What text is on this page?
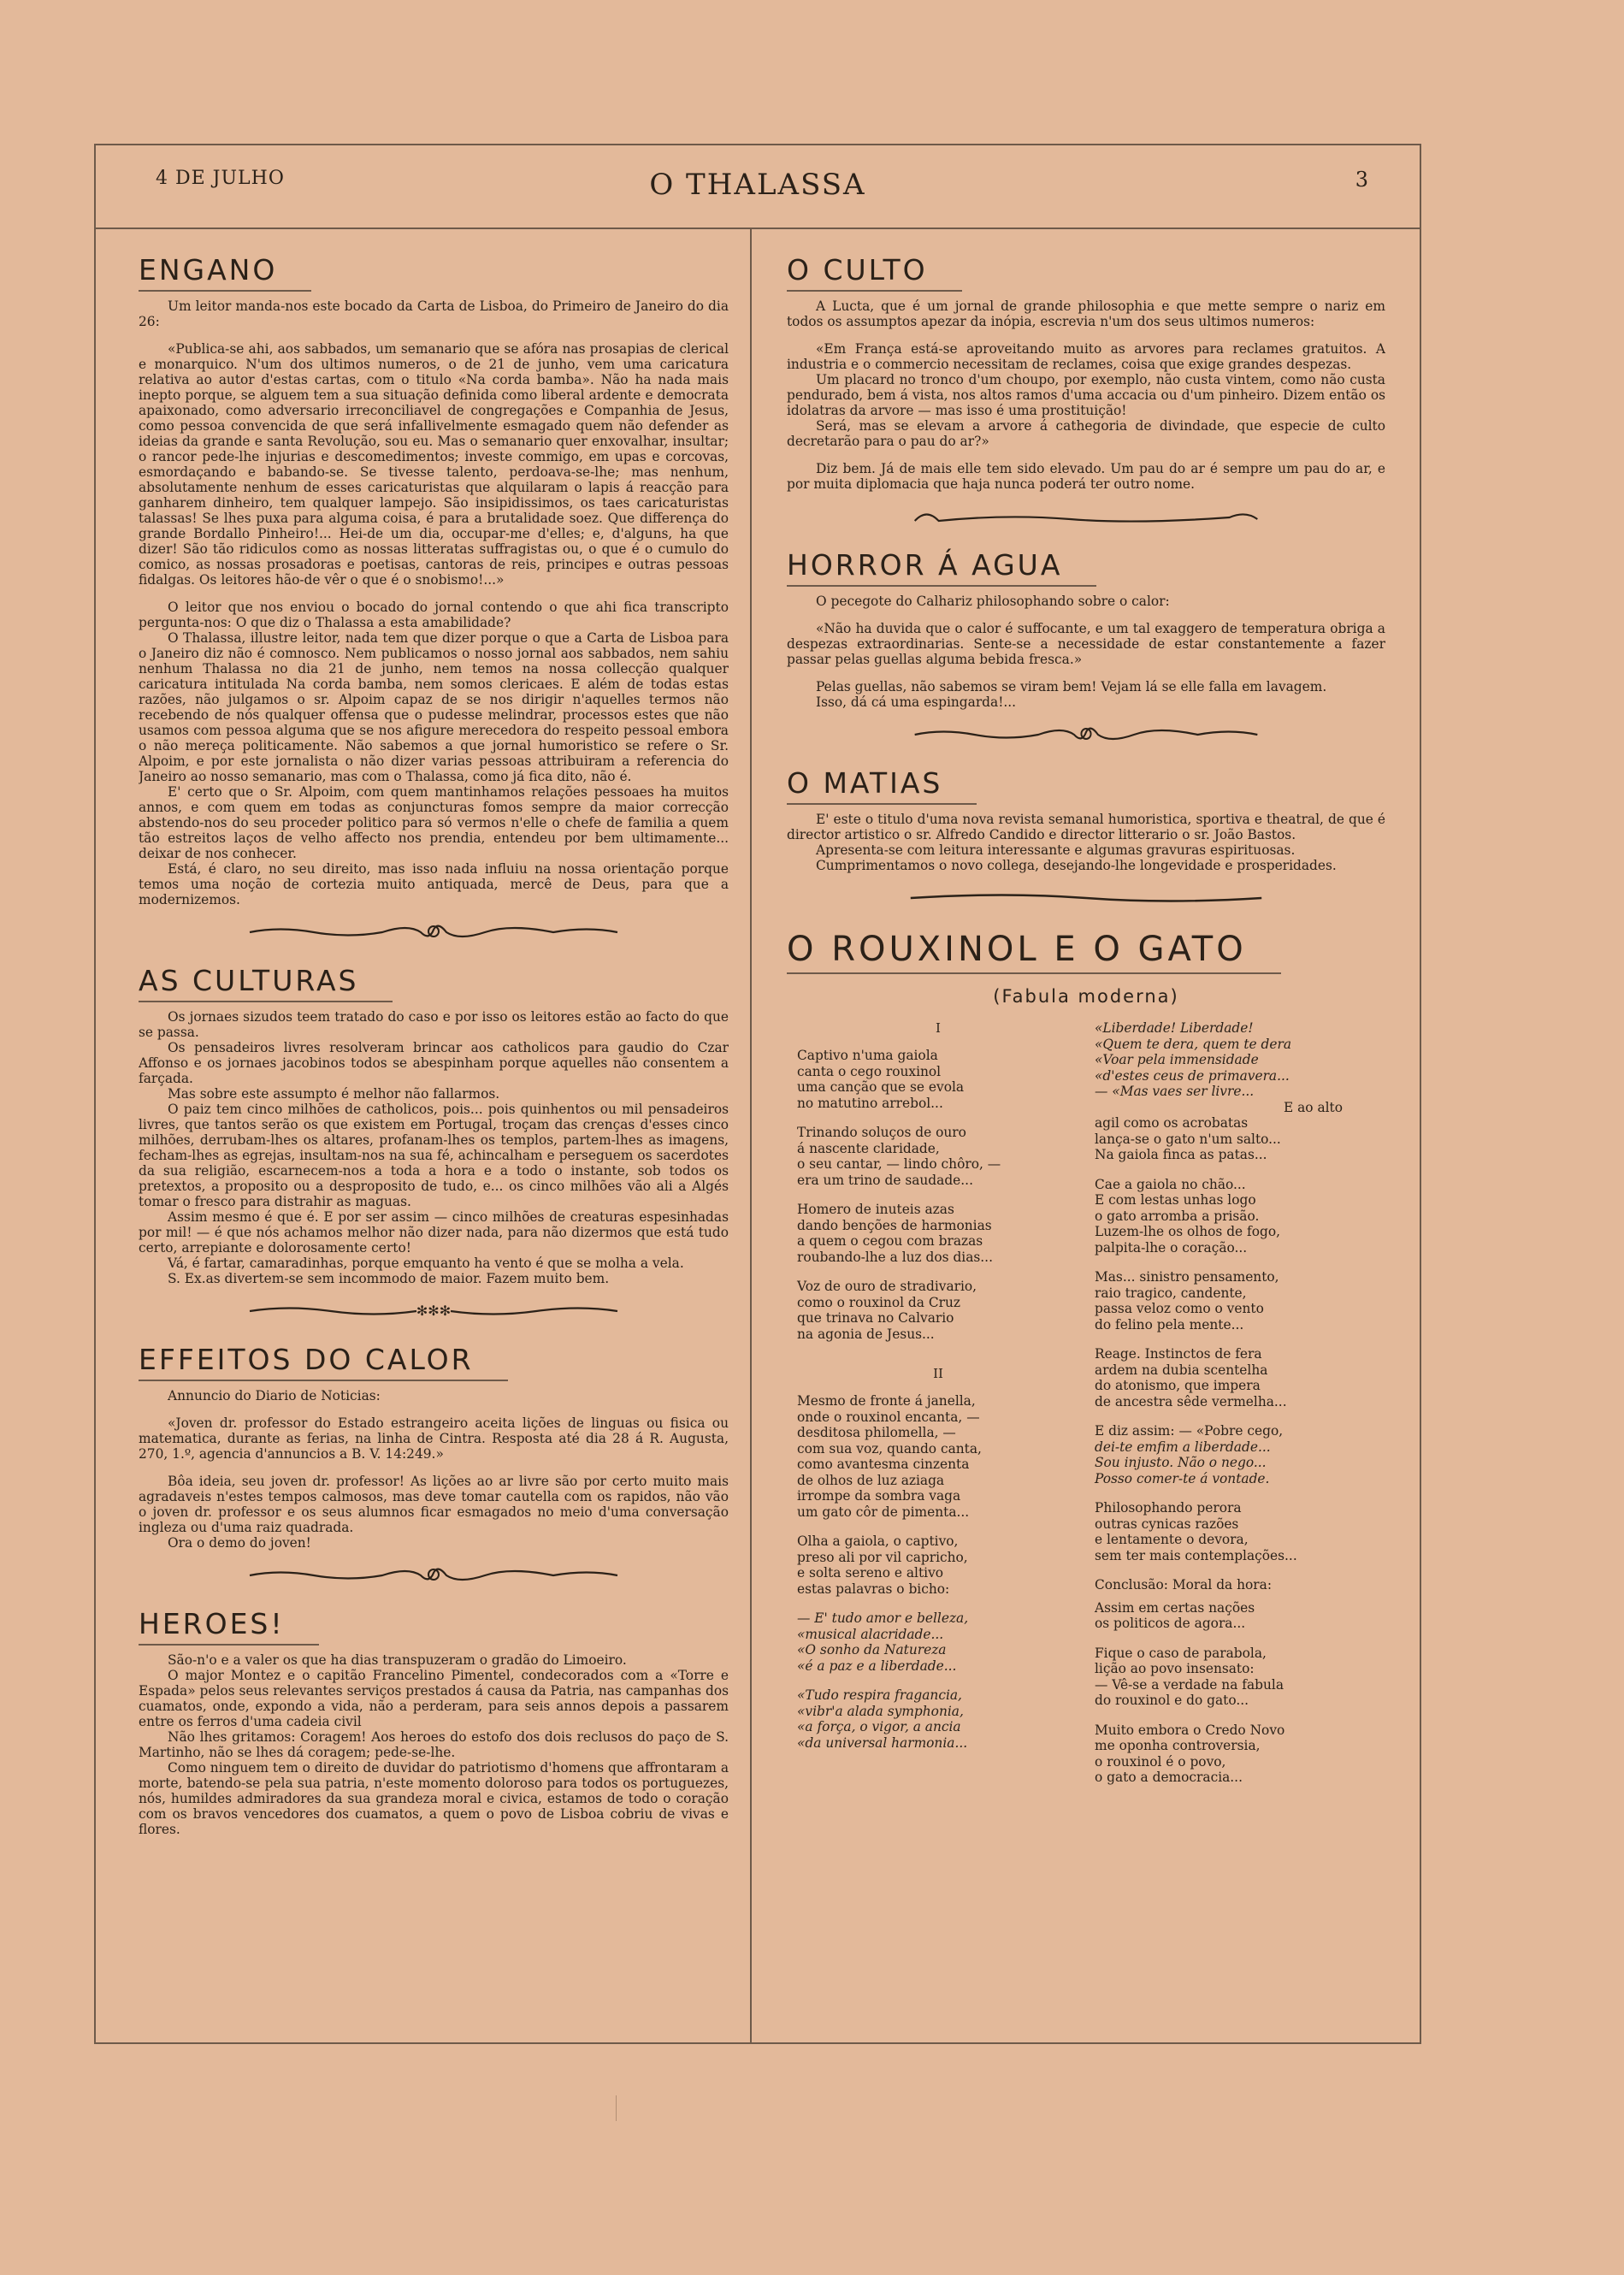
4 DE JULHO	O THALASSA	3
ENGANO

Um leitor manda-nos este bocado da Carta de Lisboa, do Primeiro de Janeiro do dia 26:

«Publica-se ahi, aos sabbados, um semanario que se afóra nas prosapias de clerical e monarquico. N'um dos ultimos numeros, o de 21 de junho, vem uma caricatura relativa ao autor d'estas cartas, com o titulo «Na corda bamba». Não ha nada mais inepto porque, se alguem tem a sua situação definida como liberal ardente e democrata apaixonado, como adversario irreconciliavel de congregações e Companhia de Jesus, como pessoa convencida de que será infallivelmente esmagado quem não defender as ideias da grande e santa Revolução, sou eu. Mas o semanario quer enxovalhar, insultar; o rancor pede-lhe injurias e descomedimentos; investe commigo, em upas e corcovas, esmordaçando e babando-se. Se tivesse talento, perdoava-se-lhe; mas nenhum, absolutamente nenhum de esses caricaturistas que alquilaram o lapis á reacção para ganharem dinheiro, tem qualquer lampejo. São insipidissimos, os taes caricaturistas talassas! Se lhes puxa para alguma coisa, é para a brutalidade soez. Que differença do grande Bordallo Pinheiro!... Hei-de um dia, occupar-me d'elles; e, d'alguns, ha que dizer! São tão ridiculos como as nossas litteratas suffragistas ou, o que é o cumulo do comico, as nossas prosadoras e poetisas, cantoras de reis, principes e outras pessoas fidalgas. Os leitores hão-de vêr o que é o snobismo!...»

O leitor que nos enviou o bocado do jornal contendo o que ahi fica transcripto pergunta-nos: O que diz o Thalassa a esta amabilidade?

O Thalassa, illustre leitor, nada tem que dizer porque o que a Carta de Lisboa para o Janeiro diz não é comnosco. Nem publicamos o nosso jornal aos sabbados, nem sahiu nenhum Thalassa no dia 21 de junho, nem temos na nossa collecção qualquer caricatura intitulada Na corda bamba, nem somos clericaes. E além de todas estas razões, não julgamos o sr. Alpoim capaz de se nos dirigir n'aquelles termos não recebendo de nós qualquer offensa que o pudesse melindrar, processos estes que não usamos com pessoa alguma que se nos afigure merecedora do respeito pessoal embora o não mereça politicamente. Não sabemos a que jornal humoristico se refere o Sr. Alpoim, e por este jornalista o não dizer varias pessoas attribuiram a referencia do Janeiro ao nosso semanario, mas com o Thalassa, como já fica dito, não é.

E' certo que o Sr. Alpoim, com quem mantinhamos relações pessoaes ha muitos annos, e com quem em todas as conjuncturas fomos sempre da maior correcção abstendo-nos do seu proceder politico para só vermos n'elle o chefe de familia a quem tão estreitos laços de velho affecto nos prendia, entendeu por bem ultimamente... deixar de nos conhecer.

Está, é claro, no seu direito, mas isso nada influiu na nossa orientação porque temos uma noção de cortezia muito antiquada, mercê de Deus, para que a modernizemos.

AS CULTURAS

Os jornaes sizudos teem tratado do caso e por isso os leitores estão ao facto do que se passa.

Os pensadeiros livres resolveram brincar aos catholicos para gaudio do Czar Affonso e os jornaes jacobinos todos se abespinham porque aquelles não consentem a farçada.

Mas sobre este assumpto é melhor não fallarmos.

O paiz tem cinco milhões de catholicos, pois... pois quinhentos ou mil pensadeiros livres, que tantos serão os que existem em Portugal, troçam das crenças d'esses cinco milhões, derrubam-lhes os altares, profanam-lhes os templos, partem-lhes as imagens, fecham-lhes as egrejas, insultam-nos na sua fé, achincalham e perseguem os sacerdotes da sua religião, escarnecem-nos a toda a hora e a todo o instante, sob todos os pretextos, a proposito ou a desproposito de tudo, e... os cinco milhões vão ali a Algés tomar o fresco para distrahir as maguas.

Assim mesmo é que é. E por ser assim — cinco milhões de creaturas espesinhadas por mil! — é que nós achamos melhor não dizer nada, para não dizermos que está tudo certo, arrepiante e dolorosamente certo!

Vá, é fartar, camaradinhas, porque emquanto ha vento é que se molha a vela.

S. Ex.as divertem-se sem incommodo de maior. Fazem muito bem.

✻✻✻
EFFEITOS DO CALOR

Annuncio do Diario de Noticias:

«Joven dr. professor do Estado estrangeiro aceita lições de linguas ou fisica ou matematica, durante as ferias, na linha de Cintra. Resposta até dia 28 á R. Augusta, 270, 1.º, agencia d'annuncios a B. V. 14:249.»

Bôa ideia, seu joven dr. professor! As lições ao ar livre são por certo muito mais agradaveis n'estes tempos calmosos, mas deve tomar cautella com os rapidos, não vão o joven dr. professor e os seus alumnos ficar esmagados no meio d'uma conversação ingleza ou d'uma raiz quadrada.

Ora o demo do joven!

HEROES!

São-n'o e a valer os que ha dias transpuzeram o gradão do Limoeiro.

O major Montez e o capitão Francelino Pimentel, condecorados com a «Torre e Espada» pelos seus relevantes serviços prestados á causa da Patria, nas campanhas dos cuamatos, onde, expondo a vida, não a perderam, para seis annos depois a passarem entre os ferros d'uma cadeia civil

Não lhes gritamos: Coragem! Aos heroes do estofo dos dois reclusos do paço de S. Martinho, não se lhes dá coragem; pede-se-lhe.

Como ninguem tem o direito de duvidar do patriotismo d'homens que affrontaram a morte, batendo-se pela sua patria, n'este momento doloroso para todos os portuguezes, nós, humildes admiradores da sua grandeza moral e civica, estamos de todo o coração com os bravos vencedores dos cuamatos, a quem o povo de Lisboa cobriu de vivas e flores.

O CULTO

A Lucta, que é um jornal de grande philosophia e que mette sempre o nariz em todos os assumptos apezar da inópia, escrevia n'um dos seus ultimos numeros:

«Em França está-se aproveitando muito as arvores para reclames gratuitos. A industria e o commercio necessitam de reclames, coisa que exige grandes despezas.

Um placard no tronco d'um choupo, por exemplo, não custa vintem, como não custa pendurado, bem á vista, nos altos ramos d'uma accacia ou d'um pinheiro. Dizem então os idolatras da arvore — mas isso é uma prostituição!

Será, mas se elevam a arvore á cathegoria de divindade, que especie de culto decretarão para o pau do ar?»

Diz bem. Já de mais elle tem sido elevado. Um pau do ar é sempre um pau do ar, e por muita diplomacia que haja nunca poderá ter outro nome.

HORROR Á AGUA

O pecegote do Calhariz philosophando sobre o calor:

«Não ha duvida que o calor é suffocante, e um tal exaggero de temperatura obriga a despezas extraordinarias. Sente-se a necessidade de estar constantemente a fazer passar pelas guellas alguma bebida fresca.»

Pelas guellas, não sabemos se viram bem! Vejam lá se elle falla em lavagem.

Isso, dá cá uma espingarda!...

O MATIAS

E' este o titulo d'uma nova revista semanal humoristica, sportiva e theatral, de que é director artistico o sr. Alfredo Candido e director litterario o sr. João Bastos.

Apresenta-se com leitura interessante e algumas gravuras espirituosas.

Cumprimentamos o novo collega, desejando-lhe longevidade e prosperidades.

O ROUXINOL E O GATO
(Fabula moderna)
I
Captivo n'uma gaiola
canta o cego rouxinol
uma canção que se evola
no matutino arrebol...
Trinando soluços de ouro
á nascente claridade,
o seu cantar, — lindo chôro, —
era um trino de saudade...
Homero de inuteis azas
dando benções de harmonias
a quem o cegou com brazas
roubando-lhe a luz dos dias...
Voz de ouro de stradivario,
como o rouxinol da Cruz
que trinava no Calvario
na agonia de Jesus...
II
Mesmo de fronte á janella,
onde o rouxinol encanta, —
desditosa philomella, —
com sua voz, quando canta,
como avantesma cinzenta
de olhos de luz aziaga
irrompe da sombra vaga
um gato côr de pimenta...
Olha a gaiola, o captivo,
preso ali por vil capricho,
e solta sereno e altivo
estas palavras o bicho:
— E' tudo amor e belleza,
«musical alacridade...
«O sonho da Natureza
«é a paz e a liberdade...
«Tudo respira fragancia,
«vibr'a alada symphonia,
«a força, o vigor, a ancia
«da universal harmonia...
«Liberdade! Liberdade!
«Quem te dera, quem te dera
«Voar pela immensidade
«d'estes ceus de primavera...
— «Mas vaes ser livre...
E ao alto
agil como os acrobatas
lança-se o gato n'um salto...
Na gaiola finca as patas...
Cae a gaiola no chão...
E com lestas unhas logo
o gato arromba a prisão.
Luzem-lhe os olhos de fogo,
palpita-lhe o coração...
Mas... sinistro pensamento,
raio tragico, candente,
passa veloz como o vento
do felino pela mente...
Reage. Instinctos de fera
ardem na dubia scentelha
do atonismo, que impera
de ancestra sêde vermelha...
E diz assim: — «Pobre cego,
dei-te emfim a liberdade...
Sou injusto. Não o nego...
Posso comer-te á vontade.
Philosophando perora
outras cynicas razões
e lentamente o devora,
sem ter mais contemplações...
Conclusão: Moral da hora:
Assim em certas nações
os politicos de agora...
Fique o caso de parabola,
lição ao povo insensato:
— Vê-se a verdade na fabula
do rouxinol e do gato...
Muito embora o Credo Novo
me oponha controversia,
o rouxinol é o povo,
o gato a democracia...
